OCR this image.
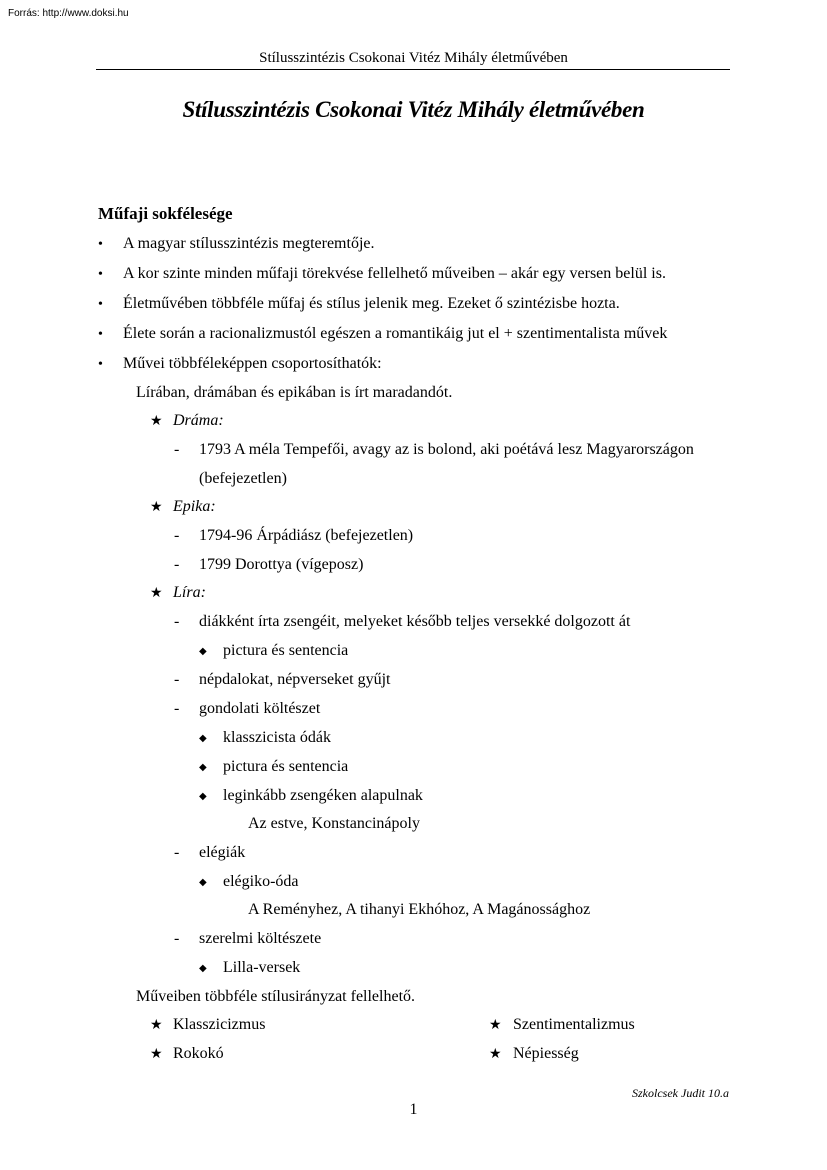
Forrás: http://www.doksi.hu
Stílusszintézis Csokonai Vitéz Mihály életművében
Stílusszintézis Csokonai Vitéz Mihály életművében
Műfaji sokfélesége
• A magyar stílusszintézis megteremtője.
• A kor szinte minden műfaji törekvése fellelhető műveiben – akár egy versen belül is.
• Életművében többféle műfaj és stílus jelenik meg. Ezeket ő szintézisbe hozta.
• Élete során a racionalizmustól egészen a romantikáig jut el + szentimentalista művek
• Művei többféleképpen csoportosíthatók:
Lírában, drámában és epikában is írt maradandót.
★ Dráma:
- 1793 A méla Tempefői, avagy az is bolond, aki poétává lesz Magyarországon
(befejezetlen)
★ Epika:
- 1794-96 Árpádiász (befejezetlen)
- 1799 Dorottya (vígeposz)
★ Líra:
- diákként írta zsengéit, melyeket később teljes versekké dolgozott át
◆ pictura és sentencia
- népdalokat, népverseket gyűjt
- gondolati költészet
◆ klasszicista ódák
◆ pictura és sentencia
◆ leginkább zsengéken alapulnak
Az estve, Konstancinápoly
- elégiák
◆ elégiko-óda
A Reményhez, A tihanyi Ekhóhoz, A Magánossághoz
- szerelmi költészete
◆ Lilla-versek
Műveiben többféle stílusirányzat fellelhető.
★ Klasszicizmus	★ Szentimentalizmus
★ Rokokó	★ Népiesség
Szkolcsek Judit 10.a
1
